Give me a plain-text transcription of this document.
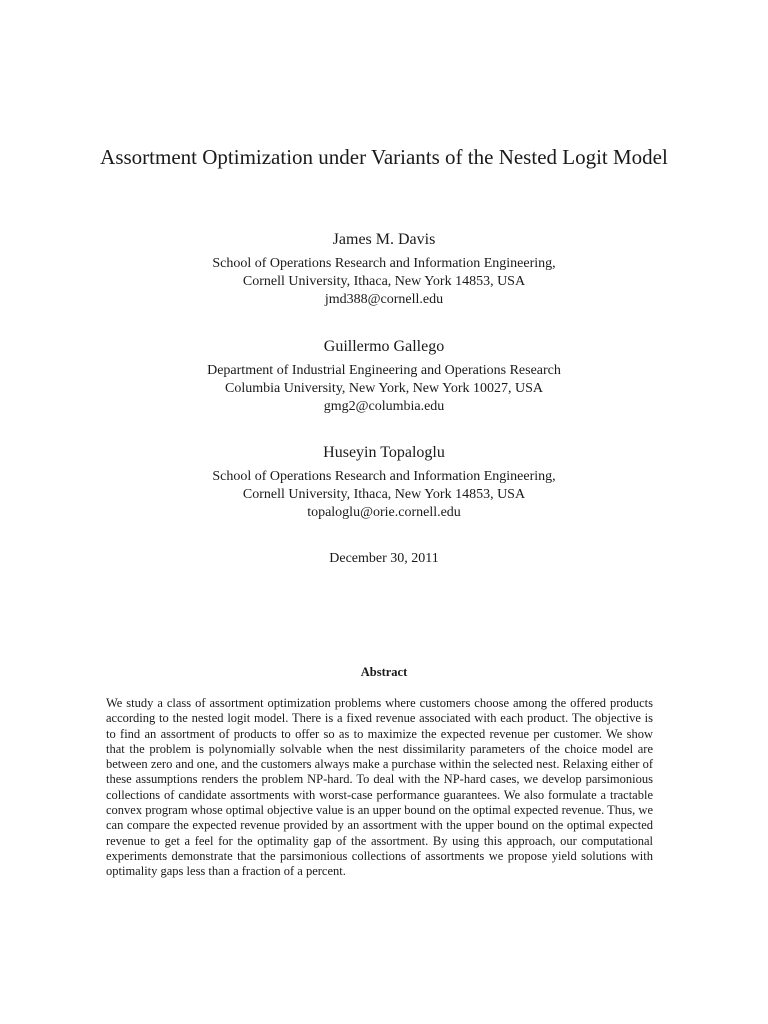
Assortment Optimization under Variants of the Nested Logit Model
James M. Davis
School of Operations Research and Information Engineering,
Cornell University, Ithaca, New York 14853, USA
jmd388@cornell.edu
Guillermo Gallego
Department of Industrial Engineering and Operations Research
Columbia University, New York, New York 10027, USA
gmg2@columbia.edu
Huseyin Topaloglu
School of Operations Research and Information Engineering,
Cornell University, Ithaca, New York 14853, USA
topaloglu@orie.cornell.edu
December 30, 2011
Abstract

We study a class of assortment optimization problems where customers choose among the offered products according to the nested logit model. There is a fixed revenue associated with each product. The objective is to find an assortment of products to offer so as to maximize the expected revenue per customer. We show that the problem is polynomially solvable when the nest dissimilarity parameters of the choice model are between zero and one, and the customers always make a purchase within the selected nest. Relaxing either of these assumptions renders the problem NP-hard. To deal with the NP-hard cases, we develop parsimonious collections of candidate assortments with worst-case performance guarantees. We also formulate a tractable convex program whose optimal objective value is an upper bound on the optimal expected revenue. Thus, we can compare the expected revenue provided by an assortment with the upper bound on the optimal expected revenue to get a feel for the optimality gap of the assortment. By using this approach, our computational experiments demonstrate that the parsimonious collections of assortments we propose yield solutions with optimality gaps less than a fraction of a percent.
